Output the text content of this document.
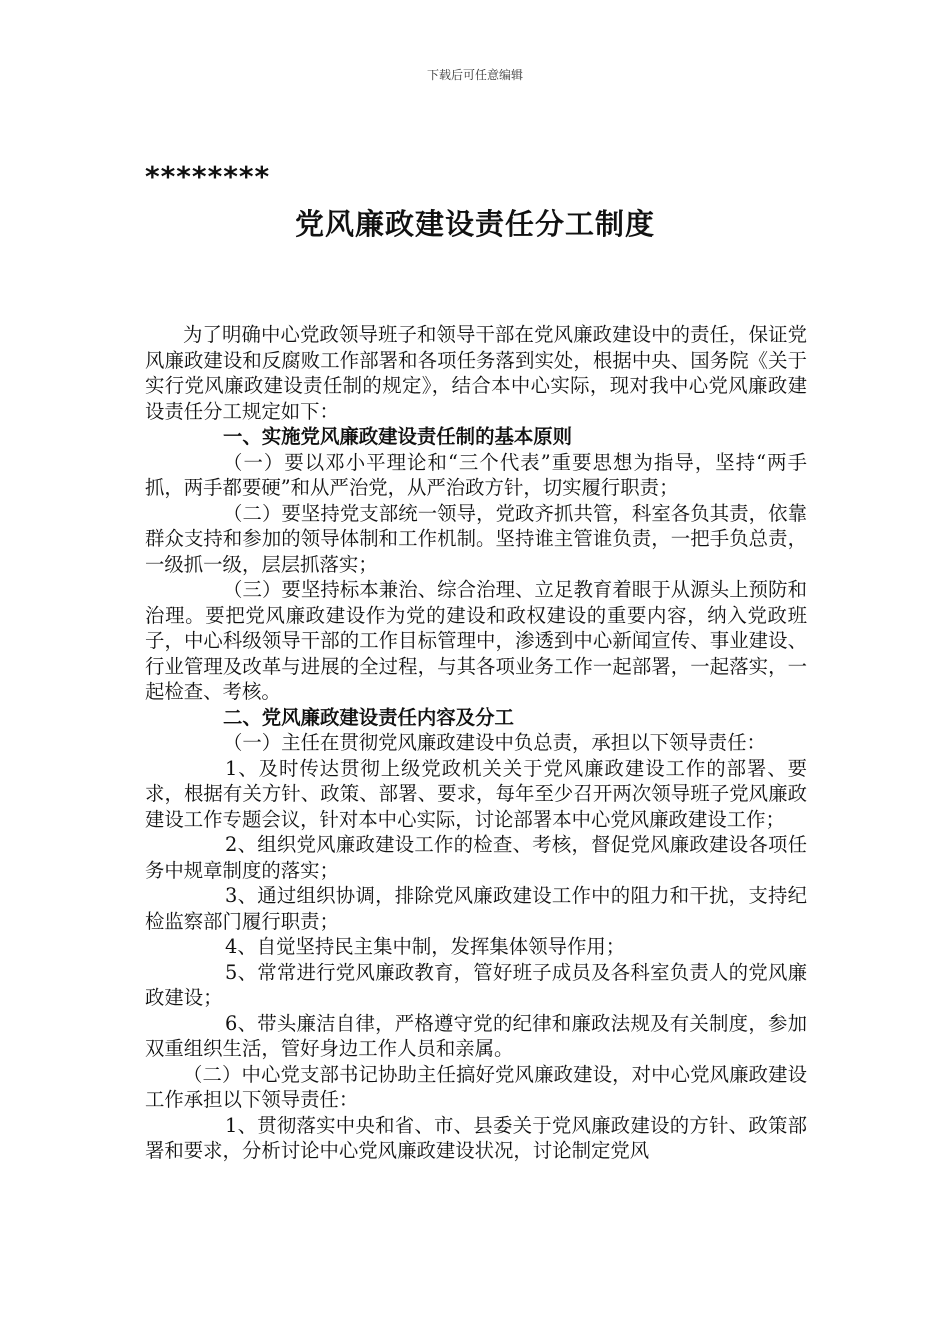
下载后可任意编辑
********
党风廉政建设责任分工制度

为了明确中心党政领导班子和领导干部在党风廉政建设中的责任，保证党风廉政建设和反腐败工作部署和各项任务落到实处，根据中央、国务院《关于实行党风廉政建设责任制的规定》，结合本中心实际，现对我中心党风廉政建设责任分工规定如下：

一、实施党风廉政建设责任制的基本原则

（一）要以邓小平理论和“三个代表”重要思想为指导，坚持“两手抓，两手都要硬”和从严治党，从严治政方针，切实履行职责；

（二）要坚持党支部统一领导，党政齐抓共管，科室各负其责，依靠群众支持和参加的领导体制和工作机制。坚持谁主管谁负责，一把手负总责，一级抓一级，层层抓落实；

（三）要坚持标本兼治、综合治理、立足教育着眼于从源头上预防和治理。要把党风廉政建设作为党的建设和政权建设的重要内容，纳入党政班子，中心科级领导干部的工作目标管理中，渗透到中心新闻宣传、事业建设、行业管理及改革与进展的全过程，与其各项业务工作一起部署，一起落实，一起检查、考核。

二、党风廉政建设责任内容及分工

（一）主任在贯彻党风廉政建设中负总责，承担以下领导责任：

1、及时传达贯彻上级党政机关关于党风廉政建设工作的部署、要求，根据有关方针、政策、部署、要求，每年至少召开两次领导班子党风廉政建设工作专题会议，针对本中心实际，讨论部署本中心党风廉政建设工作；

2、组织党风廉政建设工作的检查、考核，督促党风廉政建设各项任务中规章制度的落实；

3、通过组织协调，排除党风廉政建设工作中的阻力和干扰，支持纪检监察部门履行职责；

4、自觉坚持民主集中制，发挥集体领导作用；

5、常常进行党风廉政教育，管好班子成员及各科室负责人的党风廉政建设；

6、带头廉洁自律，严格遵守党的纪律和廉政法规及有关制度，参加双重组织生活，管好身边工作人员和亲属。

（二）中心党支部书记协助主任搞好党风廉政建设，对中心党风廉政建设工作承担以下领导责任：

1、贯彻落实中央和省、市、县委关于党风廉政建设的方针、政策部署和要求，分析讨论中心党风廉政建设状况，讨论制定党风
